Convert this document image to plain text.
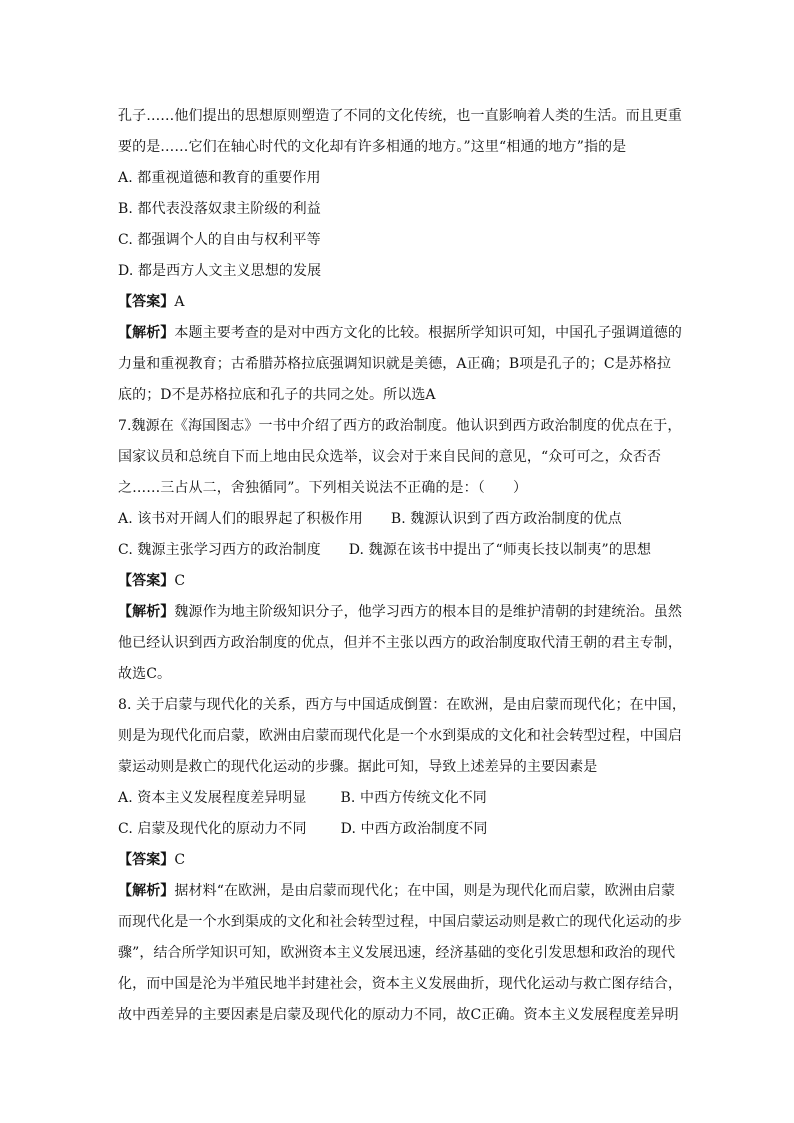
孔子……他们提出的思想原则塑造了不同的文化传统，也一直影响着人类的生活。而且更重
要的是……它们在轴心时代的文化却有许多相通的地方。”这里“相通的地方”指的是
A. 都重视道德和教育的重要作用
B. 都代表没落奴隶主阶级的利益
C. 都强调个人的自由与权利平等
D. 都是西方人文主义思想的发展
【答案】A
【解析】本题主要考查的是对中西方文化的比较。根据所学知识可知，中国孔子强调道德的
力量和重视教育；古希腊苏格拉底强调知识就是美德，A正确；B项是孔子的；C是苏格拉
底的；D不是苏格拉底和孔子的共同之处。所以选A
7.魏源在《海国图志》一书中介绍了西方的政治制度。他认识到西方政治制度的优点在于，
国家议员和总统自下而上地由民众选举，议会对于来自民间的意见，“众可可之，众否否
之……三占从二，舍独循同”。下列相关说法不正确的是：（　　）
A. 该书对开阔人们的眼界起了积极作用 B. 魏源认识到了西方政治制度的优点
C. 魏源主张学习西方的政治制度 D. 魏源在该书中提出了“师夷长技以制夷”的思想
【答案】C
【解析】魏源作为地主阶级知识分子，他学习西方的根本目的是维护清朝的封建统治。虽然
他已经认识到西方政治制度的优点，但并不主张以西方的政治制度取代清王朝的君主专制，
故选C。
8. 关于启蒙与现代化的关系，西方与中国适成倒置：在欧洲，是由启蒙而现代化；在中国，
则是为现代化而启蒙，欧洲由启蒙而现代化是一个水到渠成的文化和社会转型过程，中国启
蒙运动则是救亡的现代化运动的步骤。据此可知，导致上述差异的主要因素是
A. 资本主义发展程度差异明显 B. 中西方传统文化不同
C. 启蒙及现代化的原动力不同 D. 中西方政治制度不同
【答案】C
【解析】据材料“在欧洲，是由启蒙而现代化；在中国，则是为现代化而启蒙，欧洲由启蒙
而现代化是一个水到渠成的文化和社会转型过程，中国启蒙运动则是救亡的现代化运动的步
骤”，结合所学知识可知，欧洲资本主义发展迅速，经济基础的变化引发思想和政治的现代
化，而中国是沦为半殖民地半封建社会，资本主义发展曲折，现代化运动与救亡图存结合，
故中西差异的主要因素是启蒙及现代化的原动力不同，故C正确。资本主义发展程度差异明
